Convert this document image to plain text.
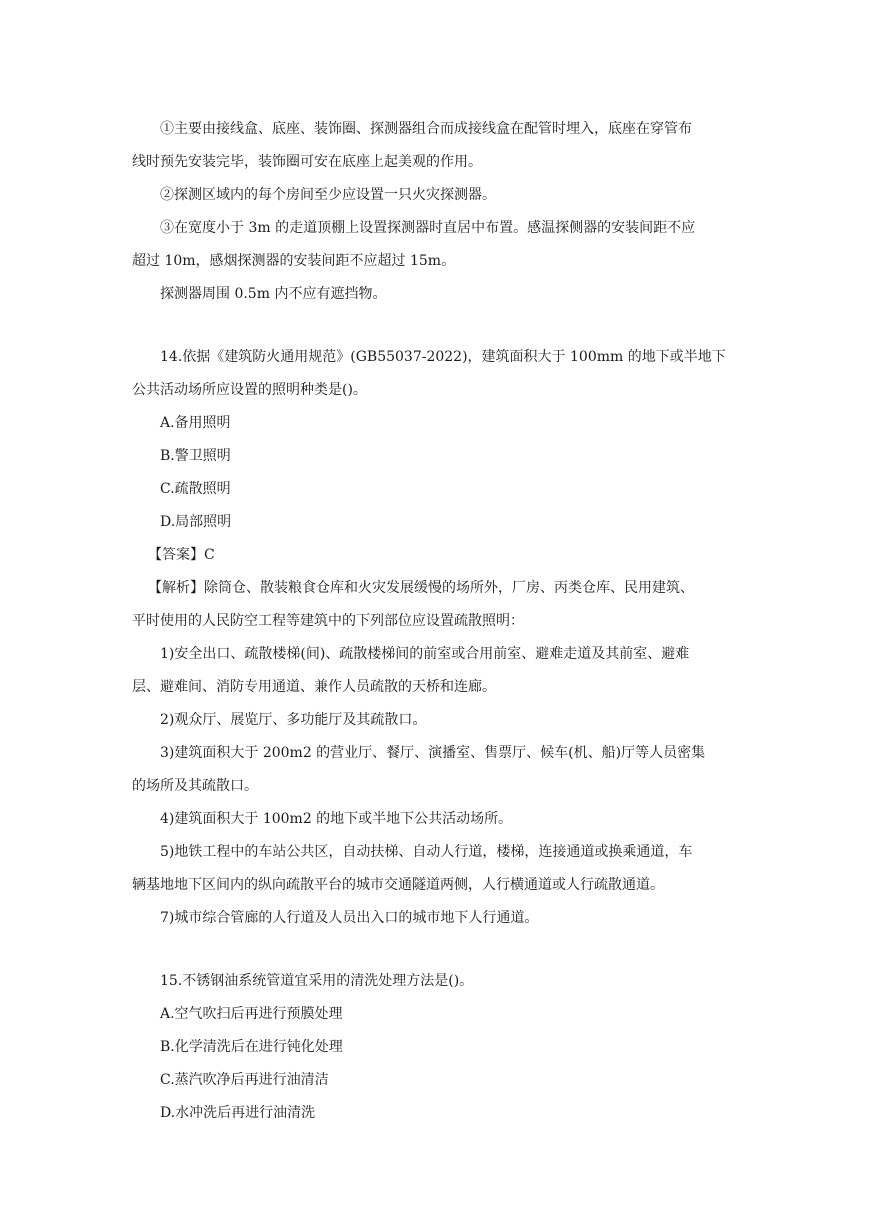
①主要由接线盒、底座、装饰圈、探测器组合而成接线盒在配管时埋入，底座在穿管布
线时预先安装完毕，装饰圈可安在底座上起美观的作用。
②探测区域内的每个房间至少应设置一只火灾探测器。
③在宽度小于 3m 的走道顶棚上设置探测器时直居中布置。感温探侧器的安装间距不应
超过 10m，感烟探测器的安装间距不应超过 15m。
探测器周围 0.5m 内不应有遮挡物。
14.依据《建筑防火通用规范》(GB55037-2022)，建筑面积大于 100mm 的地下或半地下
公共活动场所应设置的照明种类是()。
A.备用照明
B.警卫照明
C.疏散照明
D.局部照明
【答案】C
【解析】除筒仓、散装粮食仓库和火灾发展缓慢的场所外，厂房、丙类仓库、民用建筑、
平时使用的人民防空工程等建筑中的下列部位应设置疏散照明：
1)安全出口、疏散楼梯(间)、疏散楼梯间的前室或合用前室、避难走道及其前室、避难
层、避难间、消防专用通道、兼作人员疏散的天桥和连廊。
2)观众厅、展览厅、多功能厅及其疏散口。
3)建筑面积大于 200m2 的营业厅、餐厅、演播室、售票厅、候车(机、船)厅等人员密集
的场所及其疏散口。
4)建筑面积大于 100m2 的地下或半地下公共活动场所。
5)地铁工程中的车站公共区，自动扶梯、自动人行道，楼梯，连接通道或换乘通道，车
辆基地地下区间内的纵向疏散平台的城市交通隧道两侧，人行横通道或人行疏散通道。
7)城市综合管廊的人行道及人员出入口的城市地下人行通道。
15.不锈钢油系统管道宜采用的清洗处理方法是()。
A.空气吹扫后再进行预膜处理
B.化学清洗后在进行钝化处理
C.蒸汽吹净后再进行油清洁
D.水冲洗后再进行油清洗
